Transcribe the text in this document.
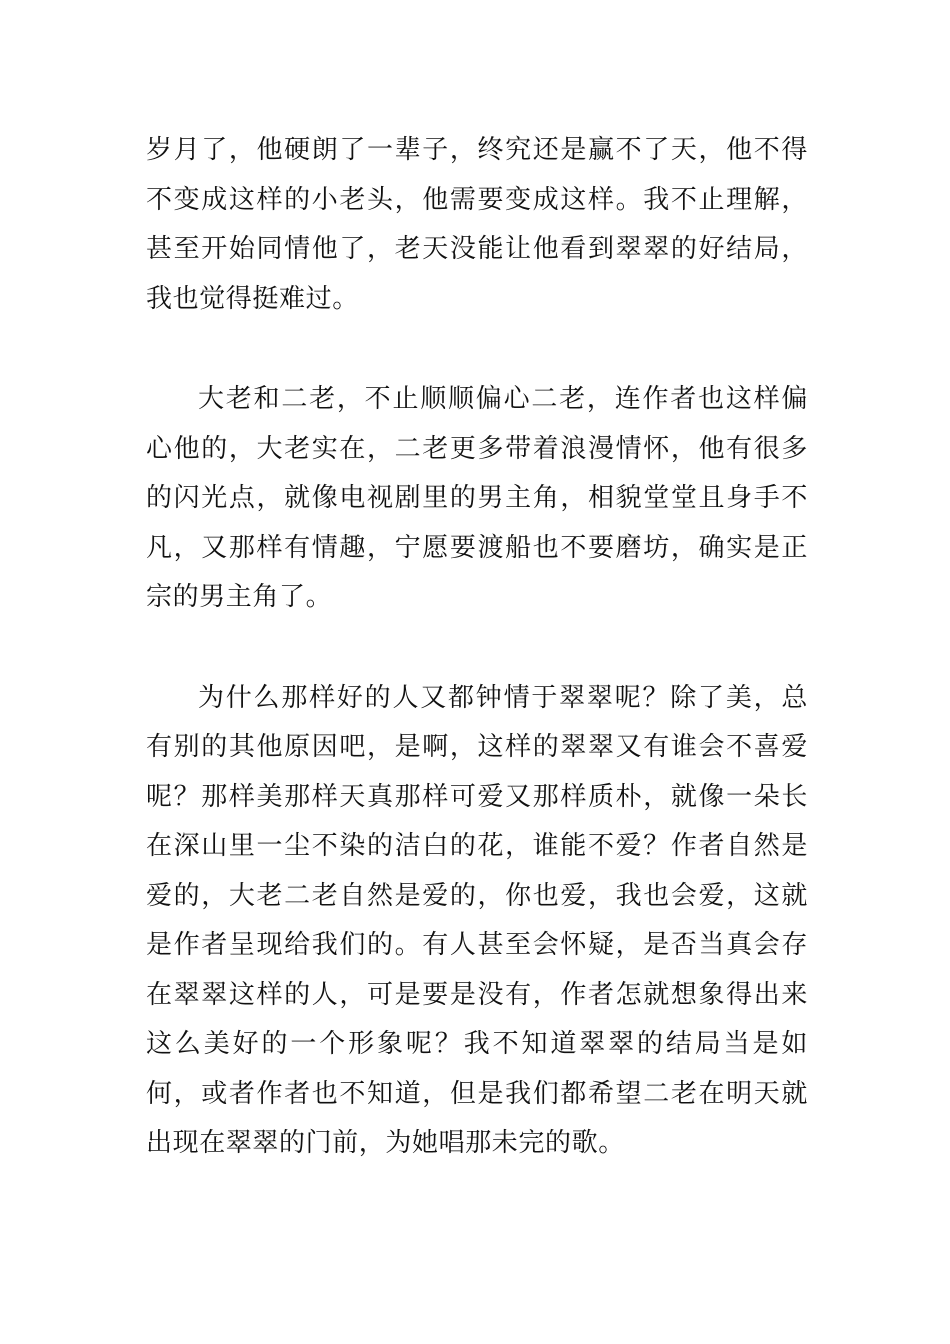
岁月了，他硬朗了一辈子，终究还是赢不了天，他不得不变成这样的小老头，他需要变成这样。我不止理解，甚至开始同情他了，老天没能让他看到翠翠的好结局，我也觉得挺难过。

大老和二老，不止顺顺偏心二老，连作者也这样偏心他的，大老实在，二老更多带着浪漫情怀，他有很多的闪光点，就像电视剧里的男主角，相貌堂堂且身手不凡，又那样有情趣，宁愿要渡船也不要磨坊，确实是正宗的男主角了。

为什么那样好的人又都钟情于翠翠呢？除了美，总有别的其他原因吧，是啊，这样的翠翠又有谁会不喜爱呢？那样美那样天真那样可爱又那样质朴，就像一朵长在深山里一尘不染的洁白的花，谁能不爱？作者自然是爱的，大老二老自然是爱的，你也爱，我也会爱，这就是作者呈现给我们的。有人甚至会怀疑，是否当真会存在翠翠这样的人，可是要是没有，作者怎就想象得出来这么美好的一个形象呢？我不知道翠翠的结局当是如何，或者作者也不知道，但是我们都希望二老在明天就出现在翠翠的门前，为她唱那未完的歌。
